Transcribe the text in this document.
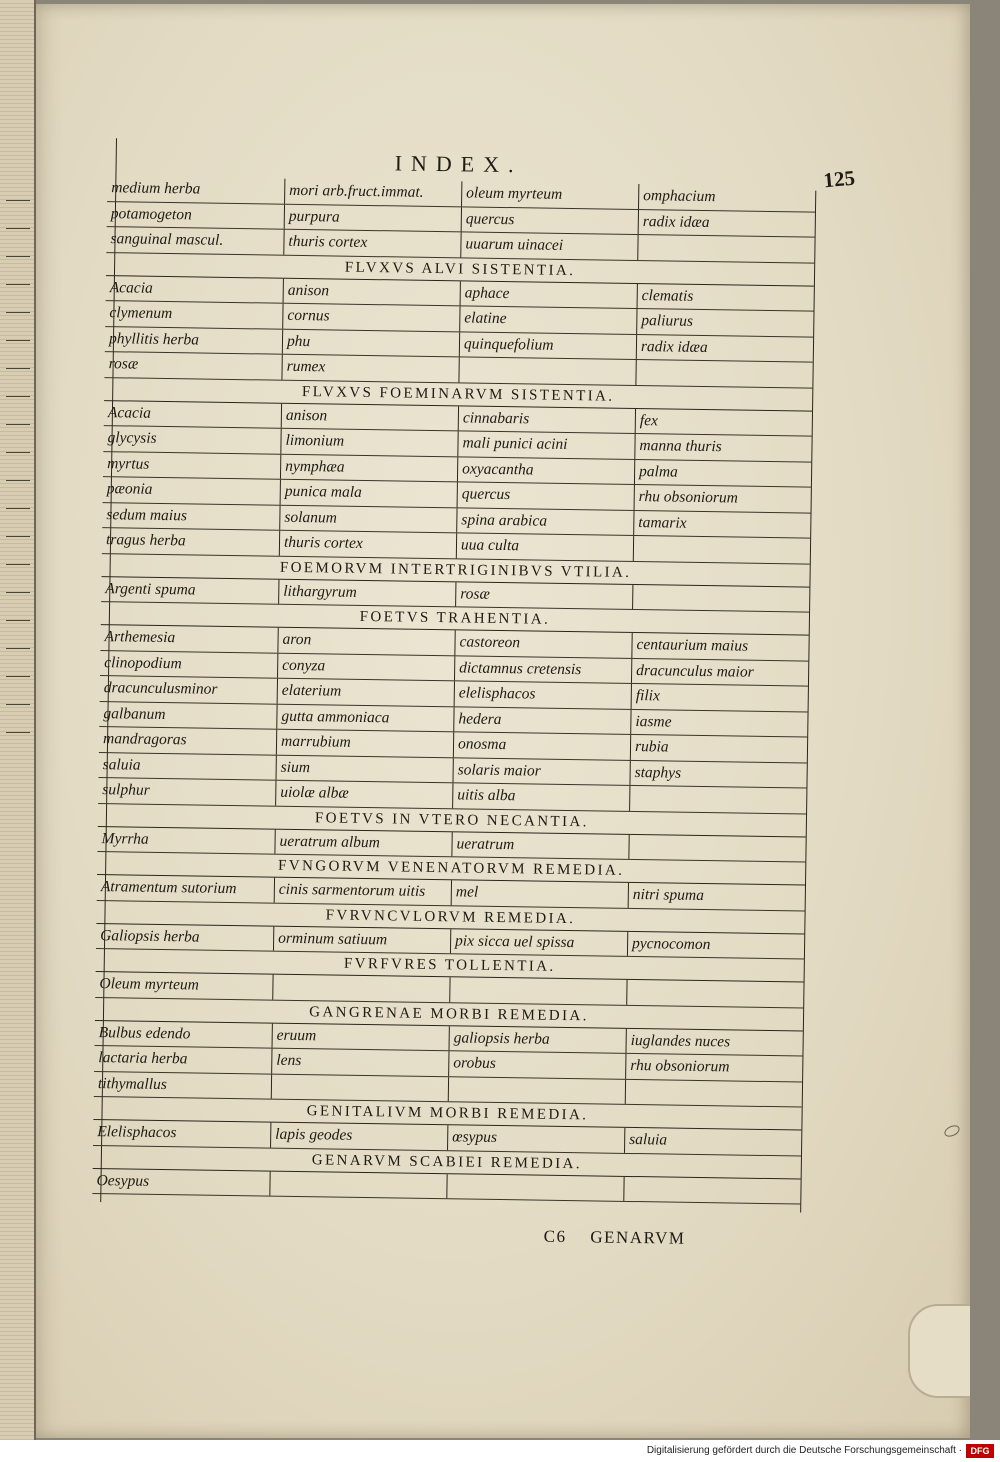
INDEX.
125
medium herba	mori arb.fruct.immat.	oleum myrteum	omphacium
potamogeton	purpura	quercus	radix idæa
sanguinal mascul.	thuris cortex	uuarum uinacei
FLVXVS ALVI SISTENTIA.
Acacia	anison	aphace	clematis
clymenum	cornus	elatine	paliurus
phyllitis herba	phu	quinquefolium	radix idæa
rosæ	rumex
FLVXVS FOEMINARVM SISTENTIA.
Acacia	anison	cinnabaris	fex
glycysis	limonium	mali punici acini	manna thuris
myrtus	nymphæa	oxyacantha	palma
pæonia	punica mala	quercus	rhu obsoniorum
sedum maius	solanum	spina arabica	tamarix
tragus herba	thuris cortex	uua culta
FOEMORVM INTERTRIGINIBVS VTILIA.
Argenti spuma	lithargyrum	rosæ
FOETVS TRAHENTIA.
Arthemesia	aron	castoreon	centaurium maius
clinopodium	conyza	dictamnus cretensis	dracunculus maior
dracunculusminor	elaterium	elelisphacos	filix
galbanum	gutta ammoniaca	hedera	iasme
mandragoras	marrubium	onosma	rubia
saluia	sium	solaris maior	staphys
sulphur	uiolæ albæ	uitis alba
FOETVS IN VTERO NECANTIA.
Myrrha	ueratrum album	ueratrum
FVNGORVM VENENATORVM REMEDIA.
Atramentum sutorium	cinis sarmentorum uitis	mel	nitri spuma
FVRVNCVLORVM REMEDIA.
Galiopsis herba	orminum satiuum	pix sicca uel spissa	pycnocomon
FVRFVRES TOLLENTIA.
Oleum myrteum
GANGRENAE MORBI REMEDIA.
Bulbus edendo	eruum	galiopsis herba	iuglandes nuces
lactaria herba	lens	orobus	rhu obsoniorum
tithymallus
GENITALIVM MORBI REMEDIA.
Elelisphacos	lapis geodes	œsypus	saluia
GENARVM SCABIEI REMEDIA.
Oesypus
C6 GENARVM
Digitalisierung gefördert durch die Deutsche Forschungsgemeinschaft · DFG
